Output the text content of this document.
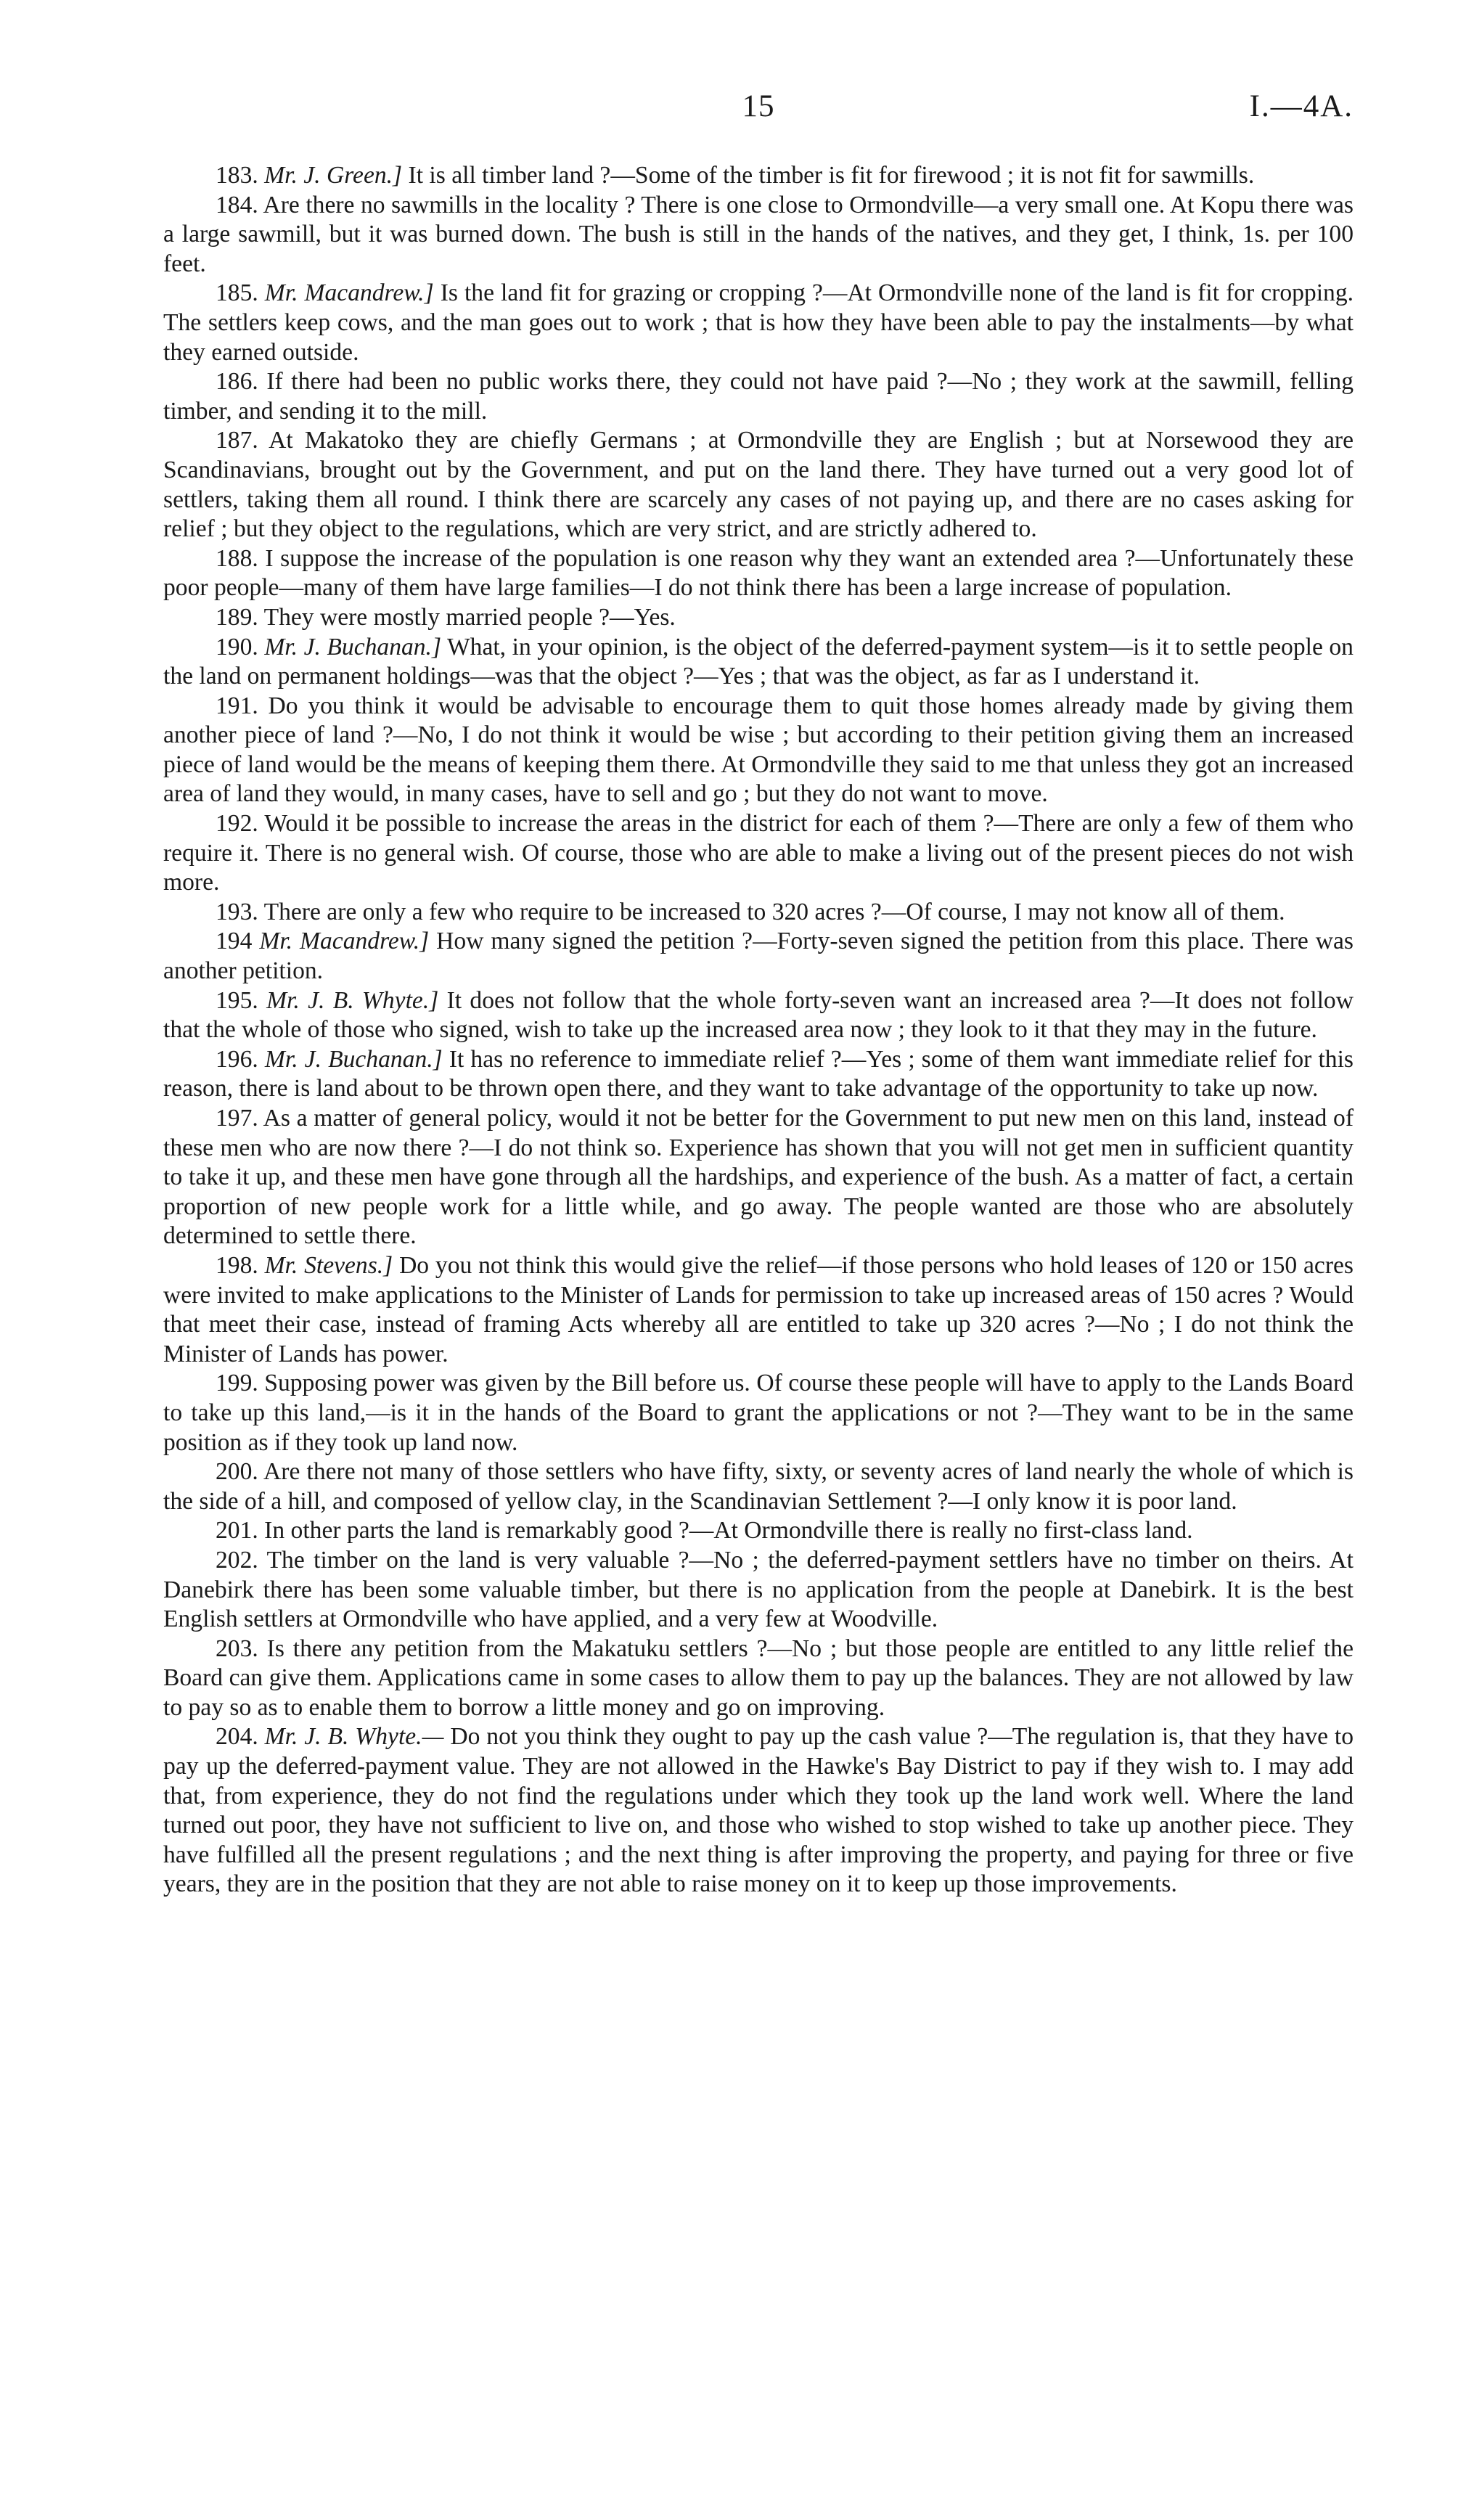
15	I.—4A.

183. Mr. J. Green.] It is all timber land ?—Some of the timber is fit for firewood ; it is not fit for sawmills.

184. Are there no sawmills in the locality ? There is one close to Ormondville—a very small one. At Kopu there was a large sawmill, but it was burned down. The bush is still in the hands of the natives, and they get, I think, 1s. per 100 feet.

185. Mr. Macandrew.] Is the land fit for grazing or cropping ?—At Ormondville none of the land is fit for cropping. The settlers keep cows, and the man goes out to work ; that is how they have been able to pay the instalments—by what they earned outside.

186. If there had been no public works there, they could not have paid ?—No ; they work at the sawmill, felling timber, and sending it to the mill.

187. At Makatoko they are chiefly Germans ; at Ormondville they are English ; but at Norsewood they are Scandinavians, brought out by the Government, and put on the land there. They have turned out a very good lot of settlers, taking them all round. I think there are scarcely any cases of not paying up, and there are no cases asking for relief ; but they object to the regulations, which are very strict, and are strictly adhered to.

188. I suppose the increase of the population is one reason why they want an extended area ?—Unfortunately these poor people—many of them have large families—I do not think there has been a large increase of population.

189. They were mostly married people ?—Yes.

190. Mr. J. Buchanan.] What, in your opinion, is the object of the deferred-payment system—is it to settle people on the land on permanent holdings—was that the object ?—Yes ; that was the object, as far as I understand it.

191. Do you think it would be advisable to encourage them to quit those homes already made by giving them another piece of land ?—No, I do not think it would be wise ; but according to their petition giving them an increased piece of land would be the means of keeping them there. At Ormondville they said to me that unless they got an increased area of land they would, in many cases, have to sell and go ; but they do not want to move.

192. Would it be possible to increase the areas in the district for each of them ?—There are only a few of them who require it. There is no general wish. Of course, those who are able to make a living out of the present pieces do not wish more.

193. There are only a few who require to be increased to 320 acres ?—Of course, I may not know all of them.

194 Mr. Macandrew.] How many signed the petition ?—Forty-seven signed the petition from this place. There was another petition.

195. Mr. J. B. Whyte.] It does not follow that the whole forty-seven want an increased area ?—It does not follow that the whole of those who signed, wish to take up the increased area now ; they look to it that they may in the future.

196. Mr. J. Buchanan.] It has no reference to immediate relief ?—Yes ; some of them want immediate relief for this reason, there is land about to be thrown open there, and they want to take advantage of the opportunity to take up now.

197. As a matter of general policy, would it not be better for the Government to put new men on this land, instead of these men who are now there ?—I do not think so. Experience has shown that you will not get men in sufficient quantity to take it up, and these men have gone through all the hardships, and experience of the bush. As a matter of fact, a certain proportion of new people work for a little while, and go away. The people wanted are those who are absolutely determined to settle there.

198. Mr. Stevens.] Do you not think this would give the relief—if those persons who hold leases of 120 or 150 acres were invited to make applications to the Minister of Lands for permission to take up increased areas of 150 acres ? Would that meet their case, instead of framing Acts whereby all are entitled to take up 320 acres ?—No ; I do not think the Minister of Lands has power.

199. Supposing power was given by the Bill before us. Of course these people will have to apply to the Lands Board to take up this land,—is it in the hands of the Board to grant the applications or not ?—They want to be in the same position as if they took up land now.

200. Are there not many of those settlers who have fifty, sixty, or seventy acres of land nearly the whole of which is the side of a hill, and composed of yellow clay, in the Scandinavian Settlement ?—I only know it is poor land.

201. In other parts the land is remarkably good ?—At Ormondville there is really no first-class land.

202. The timber on the land is very valuable ?—No ; the deferred-payment settlers have no timber on theirs. At Danebirk there has been some valuable timber, but there is no application from the people at Danebirk. It is the best English settlers at Ormondville who have applied, and a very few at Woodville.

203. Is there any petition from the Makatuku settlers ?—No ; but those people are entitled to any little relief the Board can give them. Applications came in some cases to allow them to pay up the balances. They are not allowed by law to pay so as to enable them to borrow a little money and go on improving.

204. Mr. J. B. Whyte.— Do not you think they ought to pay up the cash value ?—The regulation is, that they have to pay up the deferred-payment value. They are not allowed in the Hawke's Bay District to pay if they wish to. I may add that, from experience, they do not find the regulations under which they took up the land work well. Where the land turned out poor, they have not sufficient to live on, and those who wished to stop wished to take up another piece. They have fulfilled all the present regulations ; and the next thing is after improving the property, and paying for three or five years, they are in the position that they are not able to raise money on it to keep up those improvements.
